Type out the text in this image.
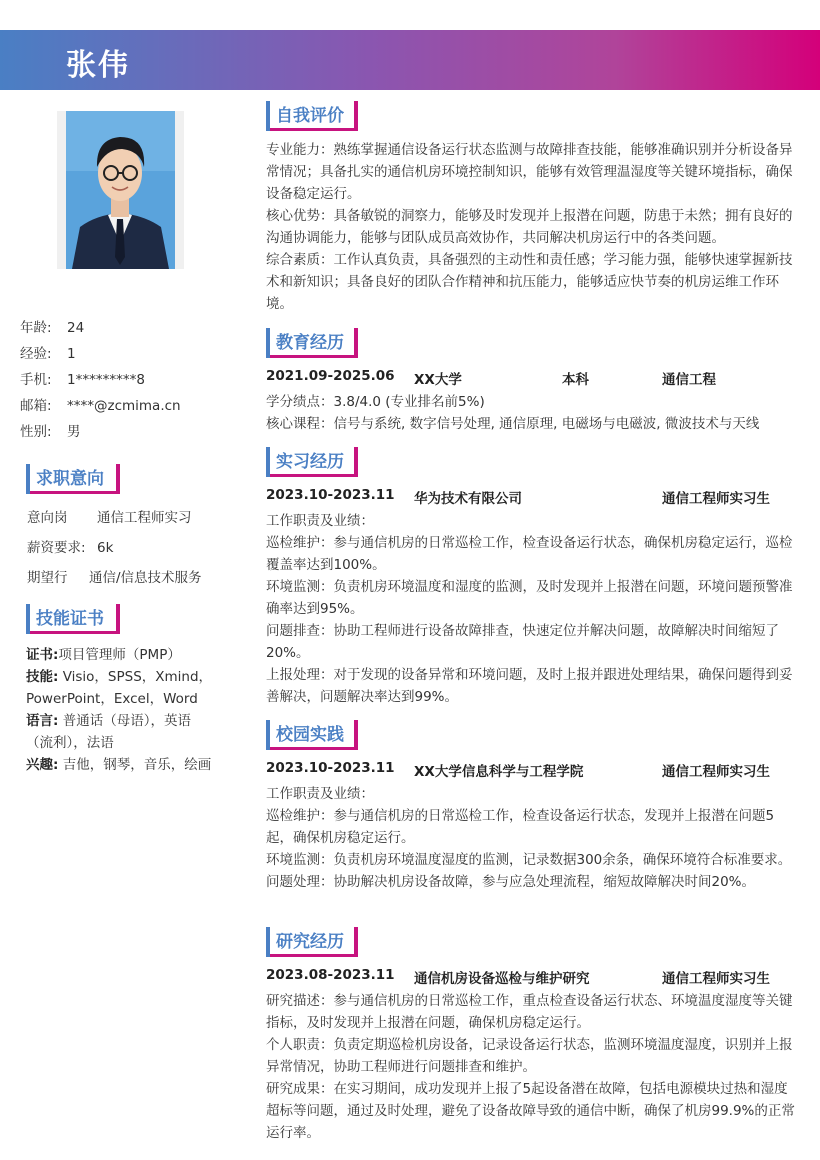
张伟
年龄: 24
经验: 1
手机: 1*********8
邮箱: ****@zcmima.cn
性别: 男
求职意向
意向岗 通信工程师实习
薪资要求: 6k
期望行 通信/信息技术服务
技能证书

证书:项目管理师（PMP）

技能: Visio，SPSS，Xmind，PowerPoint，Excel，Word

语言: 普通话（母语），英语（流利），法语

兴趣: 吉他，钢琴，音乐，绘画

自我评价

专业能力：熟练掌握通信设备运行状态监测与故障排查技能，能够准确识别并分析设备异常情况；具备扎实的通信机房环境控制知识，能够有效管理温湿度等关键环境指标，确保设备稳定运行。

核心优势：具备敏锐的洞察力，能够及时发现并上报潜在问题，防患于未然；拥有良好的沟通协调能力，能够与团队成员高效协作，共同解决机房运行中的各类问题。

综合素质：工作认真负责，具备强烈的主动性和责任感；学习能力强，能够快速掌握新技术和新知识；具备良好的团队合作精神和抗压能力，能够适应快节奏的机房运维工作环境。

教育经历
2021.09-2025.06 XX大学	本科	通信工程

学分绩点：3.8/4.0 (专业排名前5%)

核心课程：信号与系统, 数字信号处理, 通信原理, 电磁场与电磁波, 微波技术与天线

实习经历
2023.10-2023.11 华为技术有限公司	通信工程师实习生

工作职责及业绩：

巡检维护：参与通信机房的日常巡检工作，检查设备运行状态，确保机房稳定运行，巡检覆盖率达到100%。

环境监测：负责机房环境温度和湿度的监测，及时发现并上报潜在问题，环境问题预警准确率达到95%。

问题排查：协助工程师进行设备故障排查，快速定位并解决问题，故障解决时间缩短了20%。

上报处理：对于发现的设备异常和环境问题，及时上报并跟进处理结果，确保问题得到妥善解决，问题解决率达到99%。

校园实践
2023.10-2023.11 XX大学信息科学与工程学院	通信工程师实习生

工作职责及业绩：

巡检维护：参与通信机房的日常巡检工作，检查设备运行状态，发现并上报潜在问题5起，确保机房稳定运行。

环境监测：负责机房环境温度湿度的监测，记录数据300余条，确保环境符合标准要求。

问题处理：协助解决机房设备故障，参与应急处理流程，缩短故障解决时间20%。

研究经历
2023.08-2023.11 通信机房设备巡检与维护研究	通信工程师实习生

研究描述：参与通信机房的日常巡检工作，重点检查设备运行状态、环境温度湿度等关键指标，及时发现并上报潜在问题，确保机房稳定运行。

个人职责：负责定期巡检机房设备，记录设备运行状态，监测环境温度湿度，识别并上报异常情况，协助工程师进行问题排查和维护。

研究成果：在实习期间，成功发现并上报了5起设备潜在故障，包括电源模块过热和湿度超标等问题，通过及时处理，避免了设备故障导致的通信中断，确保了机房99.9%的正常运行率。
